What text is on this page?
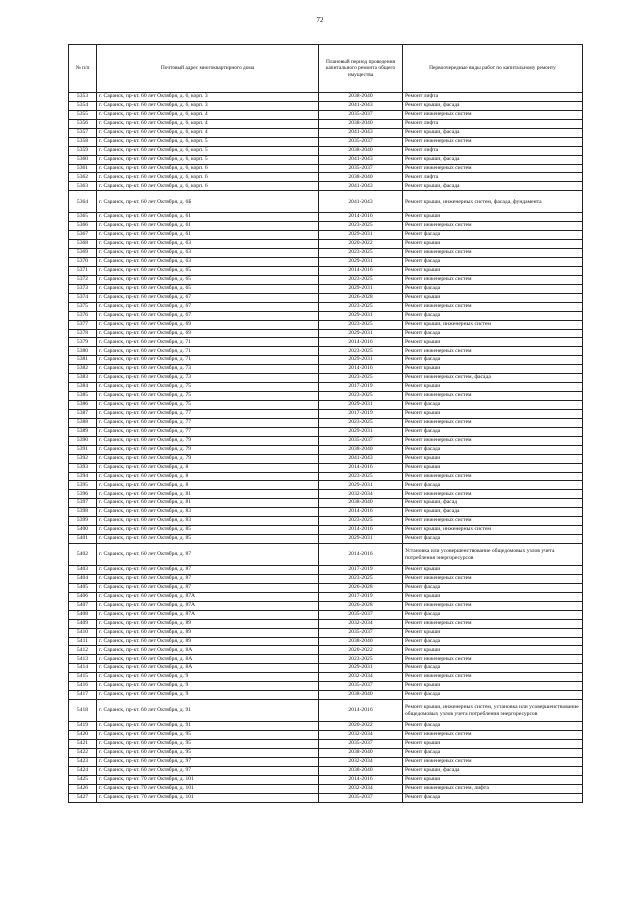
72
№ п/п	Почтовый адрес многоквартирного дома	Плановый период проведения капитального ремонта общего имущества	Первоочередные виды работ по капитальному ремонту
5353	г. Саранск, пр-кт. 60 лет Октября, д. 6, корп. 3	2038-2040	Ремонт лифта
5354	г. Саранск, пр-кт. 60 лет Октября, д. 6, корп. 3	2041-2043	Ремонт крыши, фасада
5355	г. Саранск, пр-кт. 60 лет Октября, д. 6, корп. 4	2035-2037	Ремонт инженерных систем
5356	г. Саранск, пр-кт. 60 лет Октября, д. 6, корп. 4	2038-2040	Ремонт лифта
5357	г. Саранск, пр-кт. 60 лет Октября, д. 6, корп. 4	2041-2043	Ремонт крыши, фасада
5358	г. Саранск, пр-кт. 60 лет Октября, д. 6, корп. 5	2035-2037	Ремонт инженерных систем
5359	г. Саранск, пр-кт. 60 лет Октября, д. 6, корп. 5	2038-2040	Ремонт лифта
5360	г. Саранск, пр-кт. 60 лет Октября, д. 6, корп. 5	2041-2043	Ремонт крыши, фасада
5361	г. Саранск, пр-кт. 60 лет Октября, д. 6, корп. 6	2035-2037	Ремонт инженерных систем
5362	г. Саранск, пр-кт. 60 лет Октября, д. 6, корп. 6	2038-2040	Ремонт лифта
5363	г. Саранск, пр-кт. 60 лет Октября, д. 6, корп. 6	2041-2043	Ремонт крыши, фасада
5364	г. Саранск, пр-кт. 60 лет Октября, д. 6Б	2041-2043	Ремонт крыши, инженерных систем, фасада, фундамента
5365	г. Саранск, пр-кт. 60 лет Октября, д. 61	2014-2016	Ремонт крыши
5366	г. Саранск, пр-кт. 60 лет Октября, д. 61	2023-2025	Ремонт инженерных систем
5367	г. Саранск, пр-кт. 60 лет Октября, д. 61	2029-2031	Ремонт фасада
5368	г. Саранск, пр-кт. 60 лет Октября, д. 63	2020-2022	Ремонт крыши
5369	г. Саранск, пр-кт. 60 лет Октября, д. 63	2023-2025	Ремонт инженерных систем
5370	г. Саранск, пр-кт. 60 лет Октября, д. 63	2029-2031	Ремонт фасада
5371	г. Саранск, пр-кт. 60 лет Октября, д. 65	2014-2016	Ремонт крыши
5372	г. Саранск, пр-кт. 60 лет Октября, д. 65	2023-2025	Ремонт инженерных систем
5373	г. Саранск, пр-кт. 60 лет Октября, д. 65	2029-2031	Ремонт фасада
5374	г. Саранск, пр-кт. 60 лет Октября, д. 67	2026-2028	Ремонт крыши
5375	г. Саранск, пр-кт. 60 лет Октября, д. 67	2023-2025	Ремонт инженерных систем
5376	г. Саранск, пр-кт. 60 лет Октября, д. 67	2029-2031	Ремонт фасада
5377	г. Саранск, пр-кт. 60 лет Октября, д. 69	2023-2025	Ремонт крыши, инженерных систем
5378	г. Саранск, пр-кт. 60 лет Октября, д. 69	2029-2031	Ремонт фасада
5379	г. Саранск, пр-кт. 60 лет Октября, д. 71	2014-2016	Ремонт крыши
5380	г. Саранск, пр-кт. 60 лет Октября, д. 71	2023-2025	Ремонт инженерных систем
5381	г. Саранск, пр-кт. 60 лет Октября, д. 71	2029-2031	Ремонт фасада
5382	г. Саранск, пр-кт. 60 лет Октября, д. 73	2014-2016	Ремонт крыши
5383	г. Саранск, пр-кт. 60 лет Октября, д. 73	2023-2025	Ремонт инженерных систем, фасада
5384	г. Саранск, пр-кт. 60 лет Октября, д. 75	2017-2019	Ремонт крыши
5385	г. Саранск, пр-кт. 60 лет Октября, д. 75	2023-2025	Ремонт инженерных систем
5386	г. Саранск, пр-кт. 60 лет Октября, д. 75	2029-2031	Ремонт фасада
5387	г. Саранск, пр-кт. 60 лет Октября, д. 77	2017-2019	Ремонт крыши
5388	г. Саранск, пр-кт. 60 лет Октября, д. 77	2023-2025	Ремонт инженерных систем
5389	г. Саранск, пр-кт. 60 лет Октября, д. 77	2029-2031	Ремонт фасада
5390	г. Саранск, пр-кт. 60 лет Октября, д. 79	2035-2037	Ремонт инженерных систем
5391	г. Саранск, пр-кт. 60 лет Октября, д. 79	2038-2040	Ремонт фасада
5392	г. Саранск, пр-кт. 60 лет Октября, д. 79	2041-2043	Ремонт крыши
5393	г. Саранск, пр-кт. 60 лет Октября, д. 8	2014-2016	Ремонт крыши
5394	г. Саранск, пр-кт. 60 лет Октября, д. 8	2023-2025	Ремонт инженерных систем
5395	г. Саранск, пр-кт. 60 лет Октября, д. 8	2029-2031	Ремонт фасада
5396	г. Саранск, пр-кт. 60 лет Октября, д. 81	2032-2034	Ремонт инженерных систем
5397	г. Саранск, пр-кт. 60 лет Октября, д. 81	2038-2040	Ремонт крыши, фасад
5398	г. Саранск, пр-кт. 60 лет Октября, д. 83	2014-2016	Ремонт крыши, фасада
5399	г. Саранск, пр-кт. 60 лет Октября, д. 83	2023-2025	Ремонт инженерных систем
5400	г. Саранск, пр-кт. 60 лет Октября, д. 85	2014-2016	Ремонт крыши, инженерных систем
5401	г. Саранск, пр-кт. 60 лет Октября, д. 85	2029-2031	Ремонт фасада
5402	г. Саранск, пр-кт. 60 лет Октября, д. 87	2014-2016	Установка или усовершенствование общедомовых узлов учета потребления энергоресурсов
5403	г. Саранск, пр-кт. 60 лет Октября, д. 87	2017-2019	Ремонт крыши
5404	г. Саранск, пр-кт. 60 лет Октября, д. 87	2023-2025	Ремонт инженерных систем
5405	г. Саранск, пр-кт. 60 лет Октября, д. 87	2026-2028	Ремонт фасада
5406	г. Саранск, пр-кт. 60 лет Октября, д. 87А	2017-2019	Ремонт крыши
5407	г. Саранск, пр-кт. 60 лет Октября, д. 87А	2026-2028	Ремонт инженерных систем
5408	г. Саранск, пр-кт. 60 лет Октября, д. 87А	2035-2037	Ремонт фасада
5409	г. Саранск, пр-кт. 60 лет Октября, д. 89	2032-2034	Ремонт инженерных систем
5410	г. Саранск, пр-кт. 60 лет Октября, д. 89	2035-2037	Ремонт крыши
5411	г. Саранск, пр-кт. 60 лет Октября, д. 89	2038-2040	Ремонт фасада
5412	г. Саранск, пр-кт. 60 лет Октября, д. 8А	2020-2022	Ремонт крыши
5413	г. Саранск, пр-кт. 60 лет Октября, д. 8А	2023-2025	Ремонт инженерных систем
5414	г. Саранск, пр-кт. 60 лет Октября, д. 8А	2029-2031	Ремонт фасада
5415	г. Саранск, пр-кт. 60 лет Октября, д. 9	2032-2034	Ремонт инженерных систем
5416	г. Саранск, пр-кт. 60 лет Октября, д. 9	2035-2037	Ремонт крыши
5417	г. Саранск, пр-кт. 60 лет Октября, д. 9	2038-2040	Ремонт фасада
5418	г. Саранск, пр-кт. 60 лет Октября, д. 91	2014-2016	Ремонт крыши, инженерных систем, установка или усовершенствование общедомовых узлов учета потребления энергоресурсов
5419	г. Саранск, пр-кт. 60 лет Октября, д. 91	2020-2022	Ремонт фасада
5420	г. Саранск, пр-кт. 60 лет Октября, д. 95	2032-2034	Ремонт инженерных систем
5421	г. Саранск, пр-кт. 60 лет Октября, д. 95	2035-2037	Ремонт крыши
5422	г. Саранск, пр-кт. 60 лет Октября, д. 95	2038-2040	Ремонт фасада
5423	г. Саранск, пр-кт. 60 лет Октября, д. 97	2032-2034	Ремонт инженерных систем
5424	г. Саранск, пр-кт. 60 лет Октября, д. 97	2038-2040	Ремонт крыши, фасада
5425	г. Саранск, пр-кт. 70 лет Октября, д. 101	2014-2016	Ремонт крыши
5426	г. Саранск, пр-кт. 70 лет Октября, д. 101	2032-2034	Ремонт инженерных систем, лифта
5427	г. Саранск, пр-кт. 70 лет Октября, д. 101	2035-2037	Ремонт фасада
